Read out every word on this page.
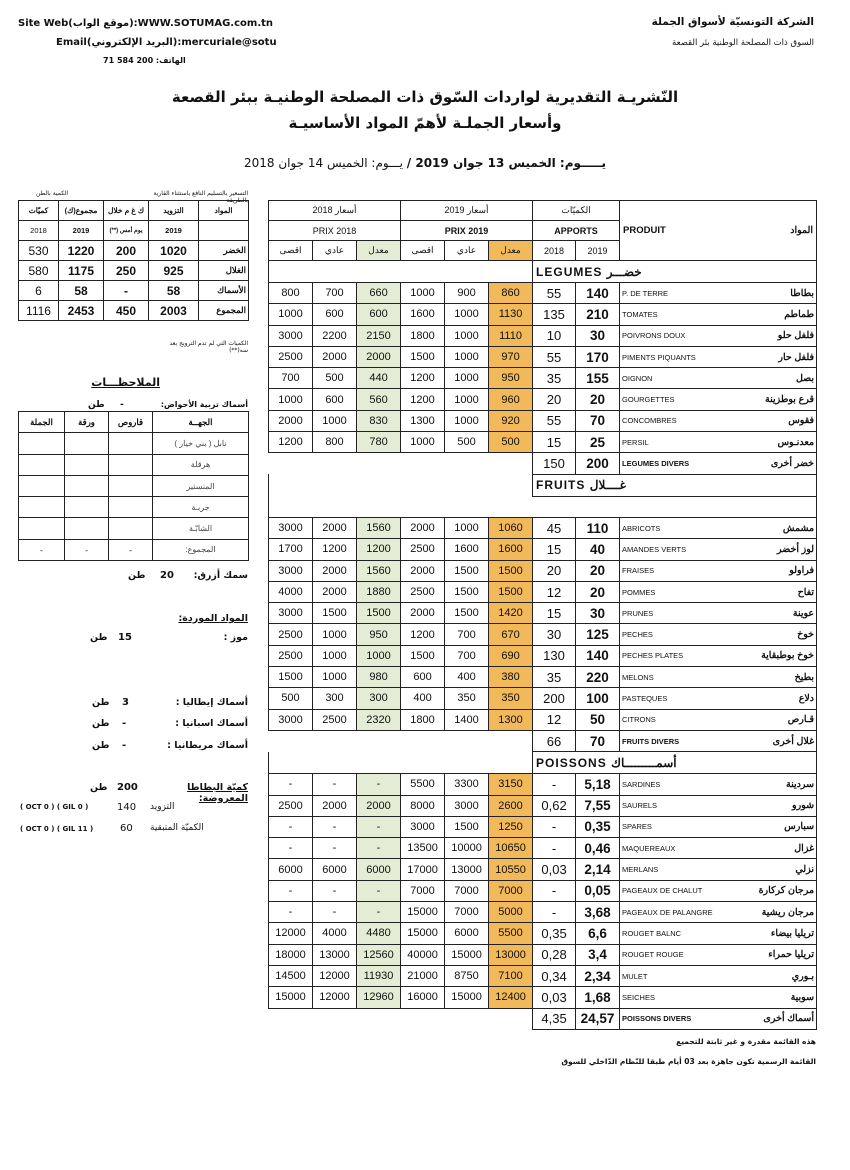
الشركة التونسيّة لأسواق الجملة
السوق ذات المصلحة الوطنية بئر القصعة
Site Web(موقع الواب):WWW.SOTUMAG.com.tn
Email(البريد الإلكتروني):mercuriale@sotu
الهاتف: 200 584 71
النّشريـة التقديرية لواردات السّوق ذات المصلحة الوطنيـة ببئر القصعة
وأسعار الجملـة لأهمّ المواد الأساسيـة
يـــــوم: الخميس 13 جوان 2019 / يـــوم: الخميس 14 جوان 2018
أسعار 2018			أسعار 2019			الكميّات		PRODUIT	المواد
PRIX 2018			PRIX 2019			APPORTS			
اقصى	عادي	معدل	اقصى	عادي	معدل	2018	2019		
						LEGUMES خضـــر			
800	700	660	1000	900	860	55	140	P. DE TERRE	بطاطا
1000	600	600	1600	1000	1130	135	210	TOMATES	طماطم
3000	2200	2150	1800	1000	1110	10	30	POIVRONS DOUX	فلفل حلو
2500	2000	2000	1500	1000	970	55	170	PIMENTS PIQUANTS	فلفل حار
700	500	440	1200	1000	950	35	155	OIGNON	بصل
1000	600	560	1200	1000	960	20	20	GOURGETTES	قرع بوطزينة
2000	1000	830	1300	1000	920	55	70	CONCOMBRES	فقوس
1200	800	780	1000	500	500	15	25	PERSIL	معدنـوس
						150	200	LEGUMES DIVERS	خضر أخرى
						FRUITS غــــلال			

3000	2000	1560	2000	1000	1060	45	110	ABRICOTS	مشمش
1700	1200	1200	2500	1600	1600	15	40	AMANDES VERTS	لوز أخضر
3000	2000	1560	2000	1500	1500	20	20	FRAISES	فراولو
4000	2000	1880	2500	1500	1500	12	20	POMMES	تفاح
3000	1500	1500	2000	1500	1420	15	30	PRUNES	عوينة
2500	1000	950	1200	700	670	30	125	PECHES	خوخ
2500	1000	1000	1500	700	690	130	140	PECHES PLATES	خوخ بوطبقاية
1500	1000	980	600	400	380	35	220	MELONS	بطيخ
500	300	300	400	350	350	200	100	PASTEQUES	دلاع
3000	2500	2320	1800	1400	1300	12	50	CITRONS	قـارص
						66	70	FRUITS DIVERS	غلال أخرى
						POISSONS أسمـــــــــاك			
-	-	-	5500	3300	3150	-	5,18	SARDINES	سردينة
2500	2000	2000	8000	3000	2600	0,62	7,55	SAURELS	شورو
-	-	-	3000	1500	1250	-	0,35	SPARES	سبارس
-	-	-	13500	10000	10650	-	0,46	MAQUEREAUX	غزال
6000	6000	6000	17000	13000	10550	0,03	2,14	MERLANS	نزلي
-	-	-	7000	7000	7000	-	0,05	PAGEAUX DE CHALUT	مرجان كركارة
-	-	-	15000	7000	5000	-	3,68	PAGEAUX DE PALANGRE	مرجان ريشية
12000	4000	4480	15000	6000	5500	0,35	6,6	ROUGET BALNC	تريليا بيضاء
18000	13000	12560	40000	15000	13000	0,28	3,4	ROUGET ROUGE	تريليا حمراء
14500	12000	11930	21000	8750	7100	0,34	2,34	MULET	بـوري
15000	12000	12960	16000	15000	12400	0,03	1,68	SEICHES	سوبية
						4,35	24,57	POISSONS DIVERS	أسماك أخرى
الكمية بالطن	التسعير بالتسليم النافع باستثناء القارية بالطريقة
كميّات	مجموع(ك)	ك غ م خلال	التزويد	المواد
2018	2019	يوم أمس (**)	2019	
530	1220	200	1020	الخضر
580	1175	250	925	الغلال
6	58	-	58	الأسماك
1116	2453	450	2003	المجموع
الكميات التي لم تدم الترويج بعد سه(**)
الملاحظـــات
أسماك تربية الأحواض:
-
طن
الجملة	ورقة	قاروص	الجهــة
			نابل ( بني خيار )
			هرقلة
			المنستير
			جربـة
			الشابّـة
-	-	-	المجموع:
سمك أزرق:
20
طن
المواد الموردة:
موز :
15
طن
أسماك إيطاليا :
3
طن
أسماك اسبانيا :
-
طن
أسماك مريطانيا :
-
طن
كميّة البطاطا المعروضة:
200
طن
( OCT 0 ) ( GIL 0 )	140 التزويد
( OCT 0 ) ( GIL 11 )	60 الكميّة المتبقية
هذه القائمة مقدرة و غير ثابتة للتجميع
القائمة الرسمية تكون جاهزة بعد 03 أيام طبقا للنّظام الدّاخلي للسوق
